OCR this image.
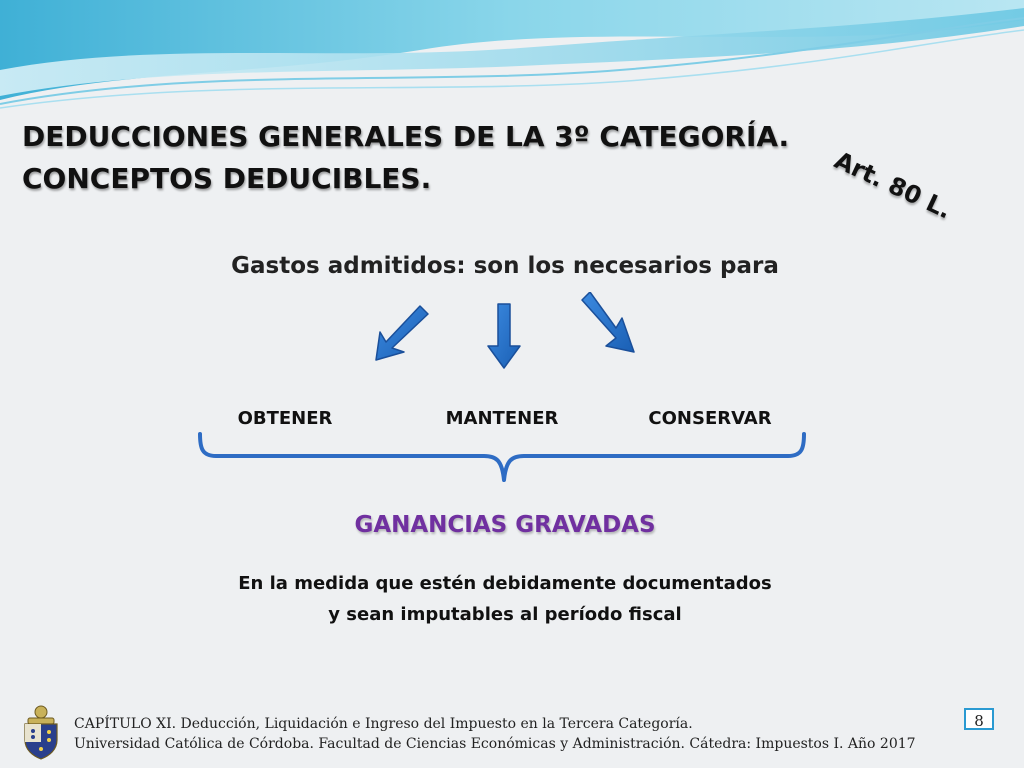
DEDUCCIONES GENERALES DE LA 3º CATEGORÍA.
CONCEPTOS DEDUCIBLES.	Art. 80 L.
Gastos admitidos: son los necesarios para
OBTENER	MANTENER	CONSERVAR
GANANCIAS GRAVADAS
En la medida que estén debidamente documentados
y sean imputables al período fiscal
CAPÍTULO XI. Deducción, Liquidación e Ingreso del Impuesto en la Tercera Categoría.
Universidad Católica de Córdoba. Facultad de Ciencias Económicas y Administración. Cátedra: Impuestos I. Año 2017
8
